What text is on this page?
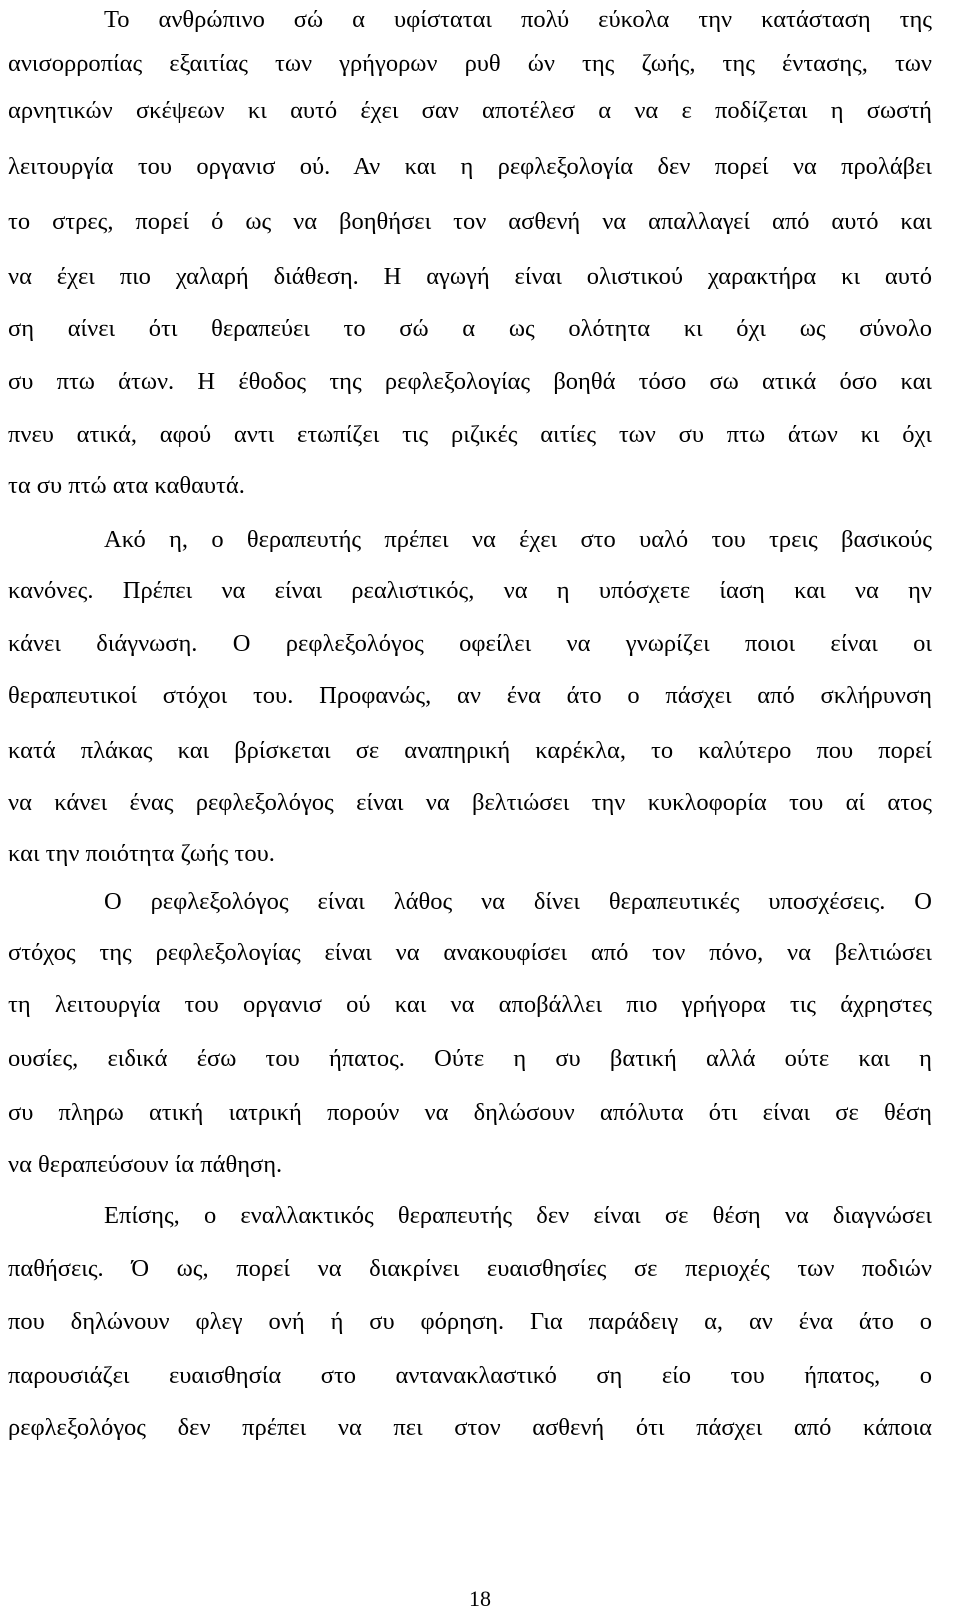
Το ανθρώπινο σώ α υφίσταται πολύ εύκολα την κατάσταση της
ανισορροπίας εξαιτίας των γρήγορων ρυθ ών της ζωής, της έντασης, των
αρνητικών σκέψεων κι αυτό έχει σαν αποτέλεσ α να ε ποδίζεται η σωστή
λειτουργία του οργανισ ού. Αν και η ρεφλεξολογία δεν πορεί να προλάβει
το στρες, πορεί ό ως να βοηθήσει τον ασθενή να απαλλαγεί από αυτό και
να έχει πιο χαλαρή διάθεση. Η αγωγή είναι ολιστικού χαρακτήρα κι αυτό
ση αίνει ότι θεραπεύει το σώ α ως ολότητα κι όχι ως σύνολο
συ πτω άτων. Η έθοδος της ρεφλεξολογίας βοηθά τόσο σω ατικά όσο και
πνευ ατικά, αφού αντι ετωπίζει τις ριζικές αιτίες των συ πτω άτων κι όχι
τα συ πτώ ατα καθαυτά.
Ακό η, ο θεραπευτής πρέπει να έχει στο υαλό του τρεις βασικούς
κανόνες. Πρέπει να είναι ρεαλιστικός, να η υπόσχετε ίαση και να ην
κάνει διάγνωση. Ο ρεφλεξολόγος οφείλει να γνωρίζει ποιοι είναι οι
θεραπευτικοί στόχοι του. Προφανώς, αν ένα άτο ο πάσχει από σκλήρυνση
κατά πλάκας και βρίσκεται σε αναπηρική καρέκλα, το καλύτερο που πορεί
να κάνει ένας ρεφλεξολόγος είναι να βελτιώσει την κυκλοφορία του αί ατος
και την ποιότητα ζωής του.
Ο ρεφλεξολόγος είναι λάθος να δίνει θεραπευτικές υποσχέσεις. Ο
στόχος της ρεφλεξολογίας είναι να ανακουφίσει από τον πόνο, να βελτιώσει
τη λειτουργία του οργανισ ού και να αποβάλλει πιο γρήγορα τις άχρηστες
ουσίες, ειδικά έσω του ήπατος. Ούτε η συ βατική αλλά ούτε και η
συ πληρω ατική ιατρική πορούν να δηλώσουν απόλυτα ότι είναι σε θέση
να θεραπεύσουν ία πάθηση.
Επίσης, ο εναλλακτικός θεραπευτής δεν είναι σε θέση να διαγνώσει
παθήσεις. Ό ως, πορεί να διακρίνει ευαισθησίες σε περιοχές των ποδιών
που δηλώνουν φλεγ ονή ή συ φόρηση. Για παράδειγ α, αν ένα άτο ο
παρουσιάζει ευαισθησία στο αντανακλαστικό ση είο του ήπατος, ο
ρεφλεξολόγος δεν πρέπει να πει στον ασθενή ότι πάσχει από κάποια
18
